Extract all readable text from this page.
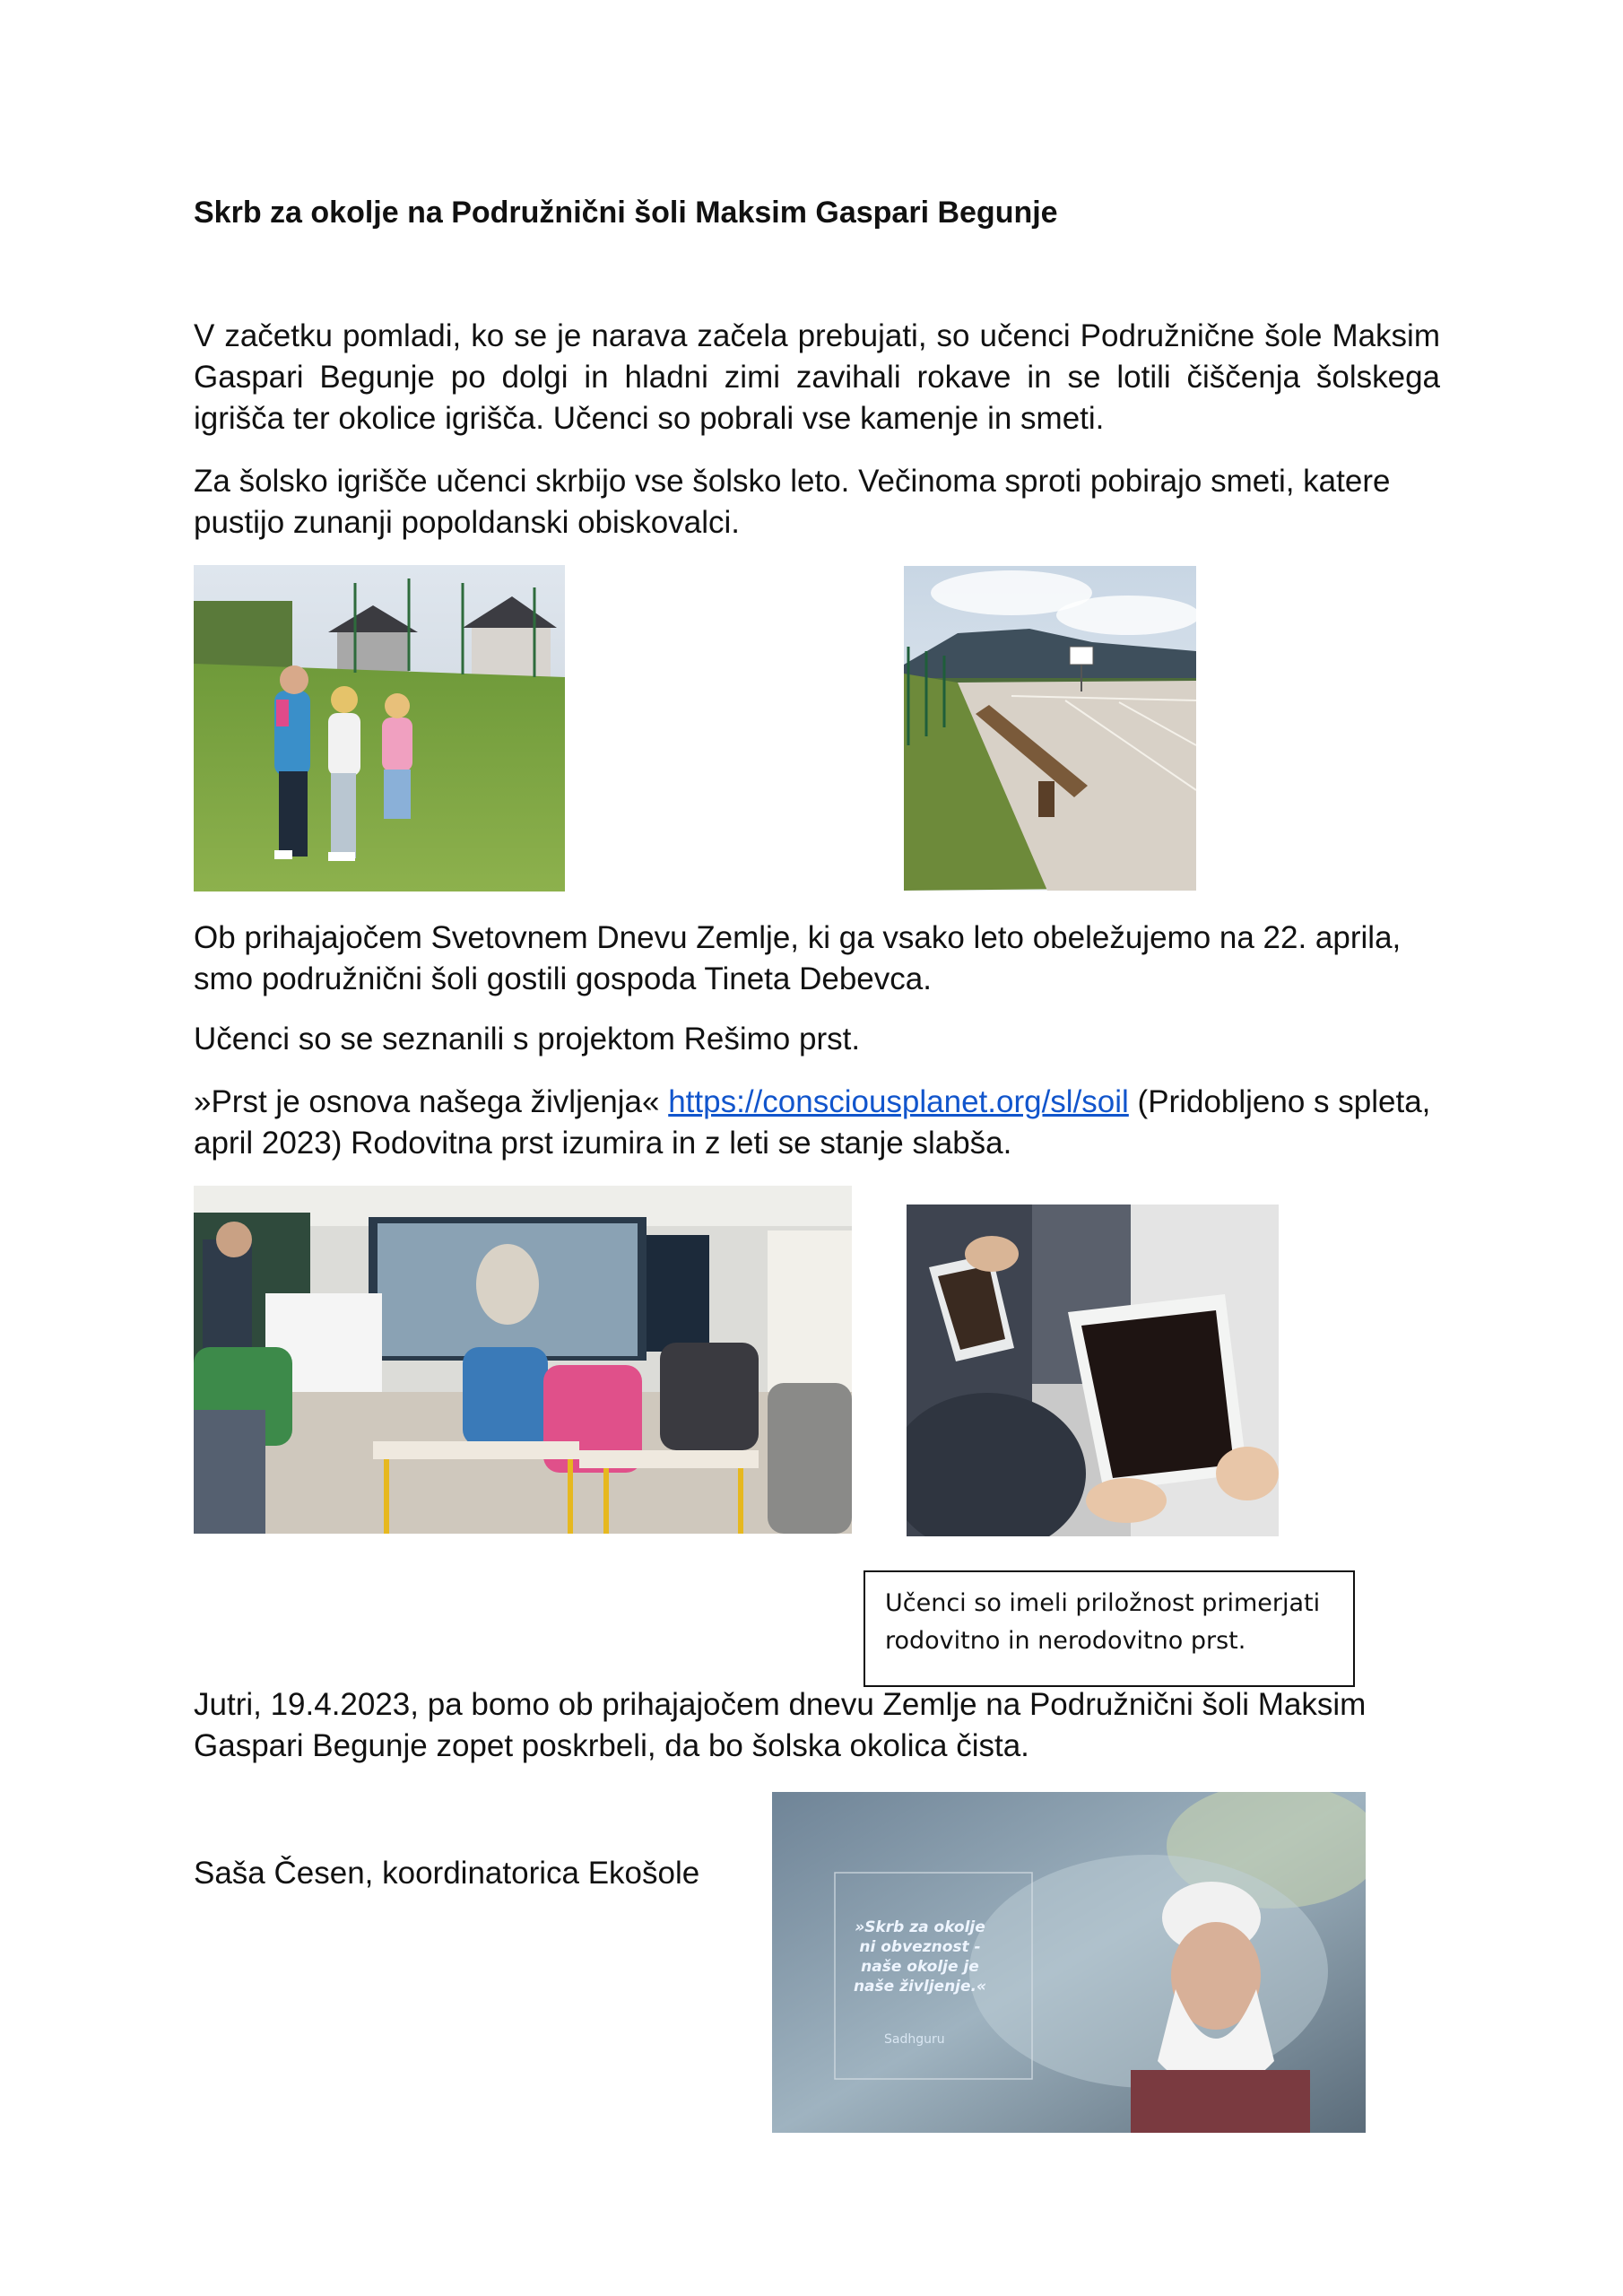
Skrb za okolje na Podružnični šoli Maksim Gaspari Begunje
V začetku pomladi, ko se je narava začela prebujati, so učenci Podružnične šole Maksim Gaspari Begunje po dolgi in hladni zimi zavihali rokave in se lotili čiščenja šolskega igrišča ter okolice igrišča. Učenci so pobrali vse kamenje in smeti.
Za šolsko igrišče učenci skrbijo vse šolsko leto. Večinoma sproti pobirajo smeti, katere pustijo zunanji popoldanski obiskovalci.
Ob prihajajočem Svetovnem Dnevu Zemlje, ki ga vsako leto obeležujemo na 22. aprila, smo podružnični šoli gostili gospoda Tineta Debevca.
Učenci so se seznanili s projektom Rešimo prst.
»Prst je osnova našega življenja« https://consciousplanet.org/sl/soil (Pridobljeno s spleta, april 2023) Rodovitna prst izumira in z leti se stanje slabša.
Učenci so imeli priložnost primerjati rodovitno in nerodovitno prst.
Jutri, 19.4.2023, pa bomo ob prihajajočem dnevu Zemlje na Podružnični šoli Maksim Gaspari Begunje zopet poskrbeli, da bo šolska okolica čista.
Saša Česen, koordinatorica Ekošole
»Skrb za okolje ni obveznost - naše okolje je naše življenje.«
Sadhguru
